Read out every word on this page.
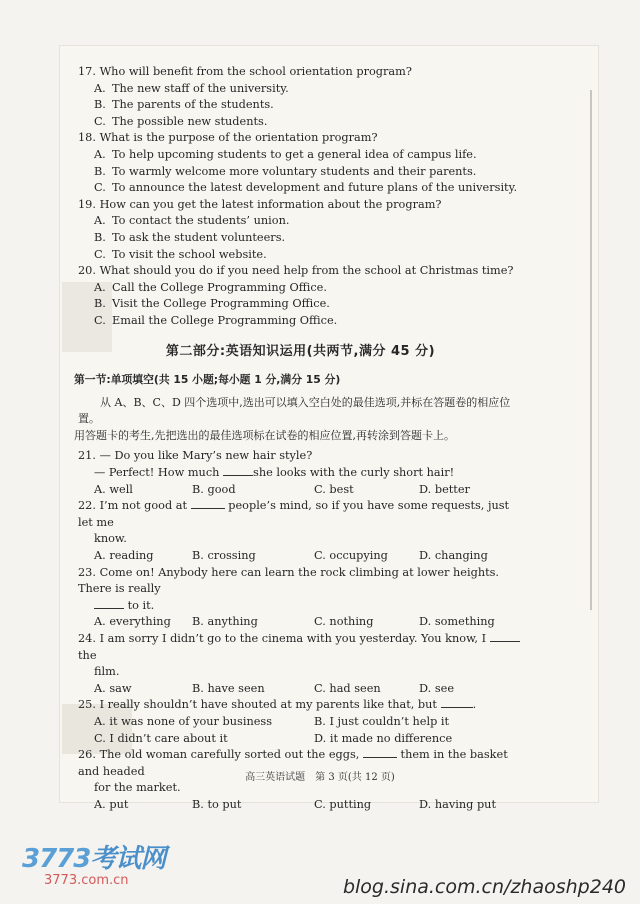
17. Who will benefit from the school orientation program?

A. The new staff of the university.

B. The parents of the students.

C. The possible new students.

18. What is the purpose of the orientation program?

A. To help upcoming students to get a general idea of campus life.

B. To warmly welcome more voluntary students and their parents.

C. To announce the latest development and future plans of the university.

19. How can you get the latest information about the program?

A. To contact the students’ union.

B. To ask the student volunteers.

C. To visit the school website.

20. What should you do if you need help from the school at Christmas time?

A. Call the College Programming Office.

B. Visit the College Programming Office.

C. Email the College Programming Office.

第二部分:英语知识运用(共两节,满分 45 分)
第一节:单项填空(共 15 小题;每小题 1 分,满分 15 分)

从 A、B、C、D 四个选项中,选出可以填入空白处的最佳选项,并标在答题卷的相应位置。

用答题卡的考生,先把选出的最佳选项标在试卷的相应位置,再转涂到答题卡上。

21. — Do you like Mary’s new hair style?

— Perfect! How much	she looks with the curly short hair!

A. well	B. good	C. best	D. better

22. I’m not good at	people’s mind, so if you have some requests, just let me

know.

A. reading	B. crossing	C. occupying	D. changing

23. Come on! Anybody here can learn the rock climbing at lower heights. There is really

to it.

A. everything	B. anything	C. nothing	D. something

24. I am sorry I didn’t go to the cinema with you yesterday. You know, I  the

film.

A. saw	B. have seen	C. had seen	D. see

25. I really shouldn’t have shouted at my parents like that, but	.

A. it was none of your business	B. I just couldn’t help it

C. I didn’t care about it	D. it made no difference

26. The old woman carefully sorted out the eggs,	them in the basket and headed

for the market.

A. put	B. to put	C. putting	D. having put

高三英语试题　第 3 页(共 12 页)
3773考试网
3773.com.cn	blog.sina.com.cn/zhaoshp240
